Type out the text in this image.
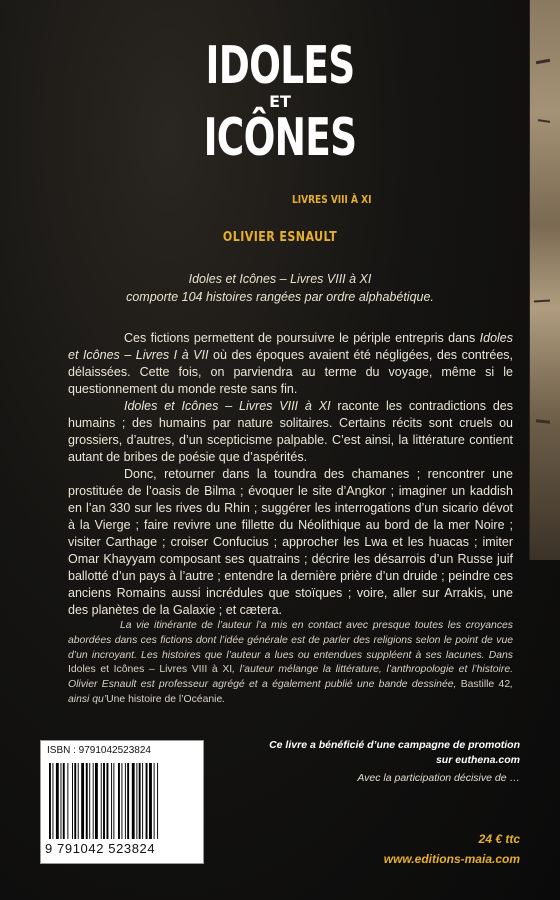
IDOLES
ET
ICÔNES
LIVRES VIII À XI
OLIVIER ESNAULT
Idoles et Icônes – Livres VIII à XI
comporte 104 histoires rangées par ordre alphabétique.

Ces fictions permettent de poursuivre le périple entrepris dans Idoles et Icônes – Livres I à VII où des époques avaient été négligées, des contrées, délaissées. Cette fois, on parviendra au terme du voyage, même si le questionnement du monde reste sans fin.

Idoles et Icônes – Livres VIII à XI raconte les contradictions des humains ; des humains par nature solitaires. Certains récits sont cruels ou grossiers, d’autres, d’un scepticisme palpable. C’est ainsi, la littérature contient autant de bribes de poésie que d’aspérités.

Donc, retourner dans la toundra des chamanes ; rencontrer une prostituée de l’oasis de Bilma ; évoquer le site d’Angkor ; imaginer un kaddish en l’an 330 sur les rives du Rhin ; suggérer les interrogations d’un sicario dévot à la Vierge ; faire revivre une fillette du Néolithique au bord de la mer Noire ; visiter Carthage ; croiser Confucius ; approcher les Lwa et les huacas ; imiter Omar Khayyam composant ses quatrains ; décrire les désarrois d’un Russe juif ballotté d’un pays à l’autre ; entendre la dernière prière d’un druide ; peindre ces anciens Romains aussi incrédules que stoïques ; voire, aller sur Arrakis, une des planètes de la Galaxie ; et cætera.

La vie itinérante de l’auteur l’a mis en contact avec presque toutes les croyances abordées dans ces fictions dont l’idée générale est de parler des religions selon le point de vue d’un incroyant. Les histoires que l’auteur a lues ou entendues suppléent à ses lacunes. Dans Idoles et Icônes – Livres VIII à XI, l’auteur mélange la littérature, l’anthropologie et l’histoire. Olivier Esnault est professeur agrégé et a également publié une bande dessinée, Bastille 42, ainsi qu’Une histoire de l’Océanie.

ISBN : 9791042523824
9 791042 523824
Ce livre a bénéficié d’une campagne de promotion
sur euthena.com
Avec la participation décisive de …
24 € ttc
www.editions-maia.com
